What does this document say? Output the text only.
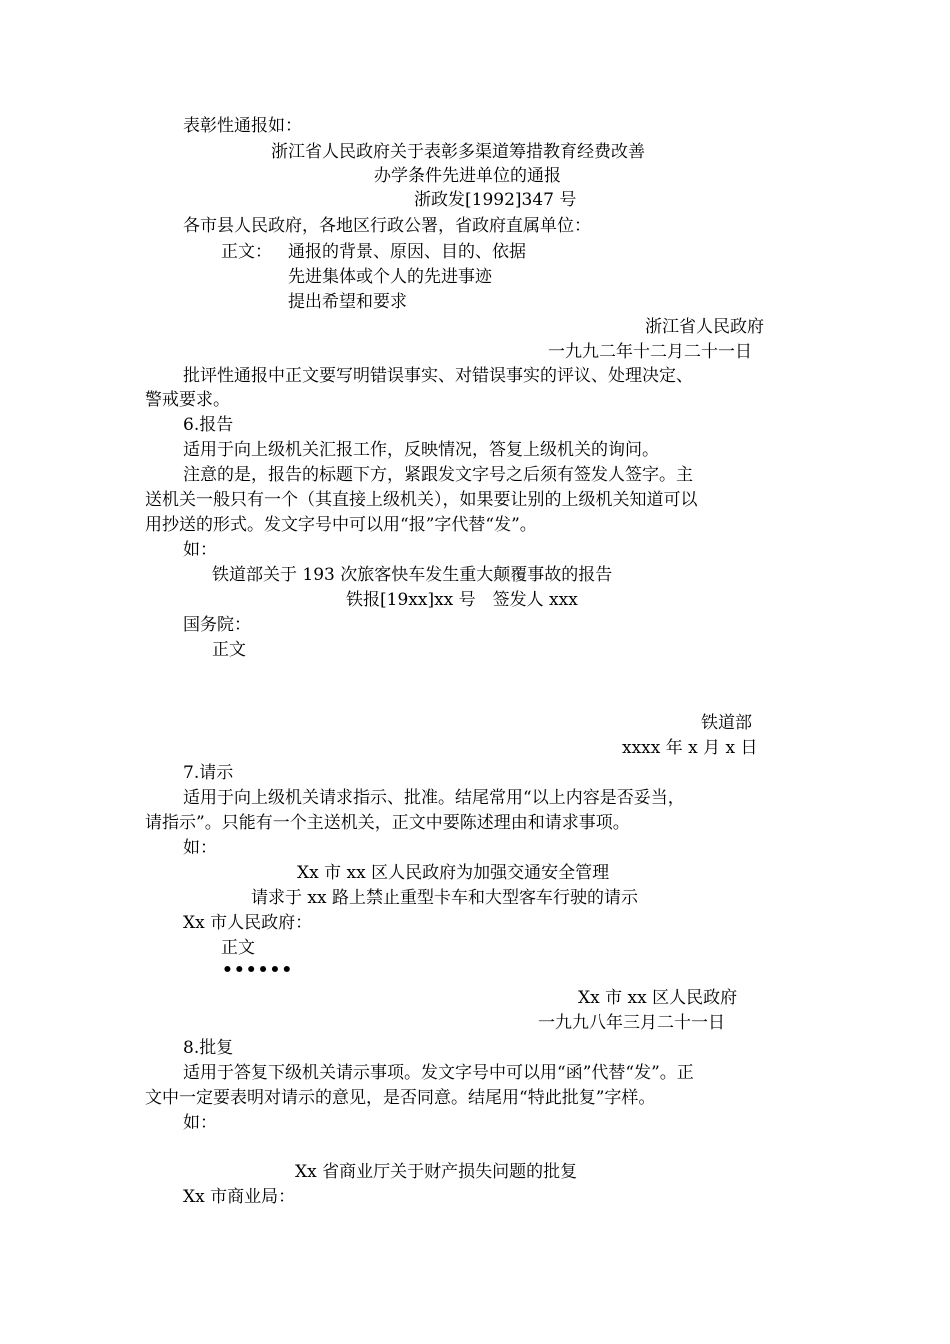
表彰性通报如：
浙江省人民政府关于表彰多渠道筹措教育经费改善
办学条件先进单位的通报
浙政发[1992]347 号
各市县人民政府，各地区行政公署，省政府直属单位：
正文： 通报的背景、原因、目的、依据
先进集体或个人的先进事迹
提出希望和要求
浙江省人民政府
一九九二年十二月二十一日
批评性通报中正文要写明错误事实、对错误事实的评议、处理决定、
警戒要求。
6.报告
适用于向上级机关汇报工作，反映情况，答复上级机关的询问。
注意的是，报告的标题下方，紧跟发文字号之后须有签发人签字。主
送机关一般只有一个（其直接上级机关），如果要让别的上级机关知道可以
用抄送的形式。发文字号中可以用“报”字代替“发”。
如：
铁道部关于 193 次旅客快车发生重大颠覆事故的报告
铁报[19xx]xx 号　签发人 xxx
国务院：
正文
铁道部
xxxx 年 x 月 x 日
7.请示
适用于向上级机关请求指示、批准。结尾常用“以上内容是否妥当，
请指示”。只能有一个主送机关，正文中要陈述理由和请求事项。
如：
Xx 市 xx 区人民政府为加强交通安全管理
请求于 xx 路上禁止重型卡车和大型客车行驶的请示
Xx 市人民政府：
正文
••••••
Xx 市 xx 区人民政府
一九九八年三月二十一日
8.批复
适用于答复下级机关请示事项。发文字号中可以用“函”代替“发”。正
文中一定要表明对请示的意见，是否同意。结尾用“特此批复”字样。
如：
Xx 省商业厅关于财产损失问题的批复
Xx 市商业局：
